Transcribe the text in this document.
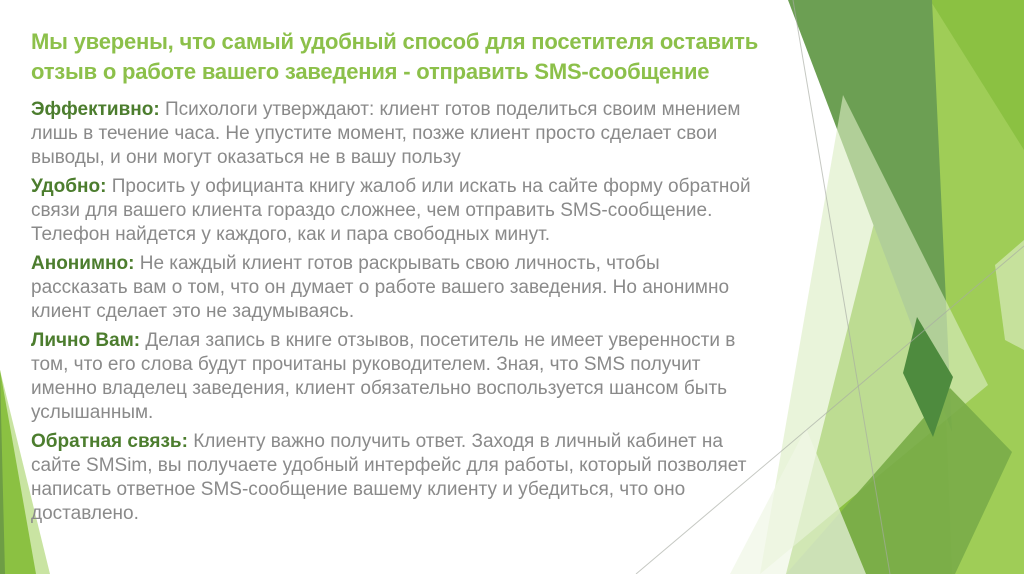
Мы уверены, что самый удобный способ для посетителя оставить отзыв о работе вашего заведения - отправить SMS-сообщение

Эффективно: Психологи утверждают: клиент готов поделиться своим мнением лишь в течение часа. Не упустите момент, позже клиент просто сделает свои выводы, и они могут оказаться не в вашу пользу

Удобно: Просить у официанта книгу жалоб или искать на сайте форму обратной связи для вашего клиента гораздо сложнее, чем отправить SMS-сообщение. Телефон найдется у каждого, как и пара свободных минут.

Анонимно: Не каждый клиент готов раскрывать свою личность, чтобы рассказать вам о том, что он думает о работе вашего заведения. Но анонимно клиент сделает это не задумываясь.

Лично Вам: Делая запись в книге отзывов, посетитель не имеет уверенности в том, что его слова будут прочитаны руководителем. Зная, что SMS получит именно владелец заведения, клиент обязательно воспользуется шансом быть услышанным.

Обратная связь: Клиенту важно получить ответ. Заходя в личный кабинет на сайте SMSim, вы получаете удобный интерфейс для работы, который позволяет написать ответное SMS-сообщение вашему клиенту и убедиться, что оно доставлено.
